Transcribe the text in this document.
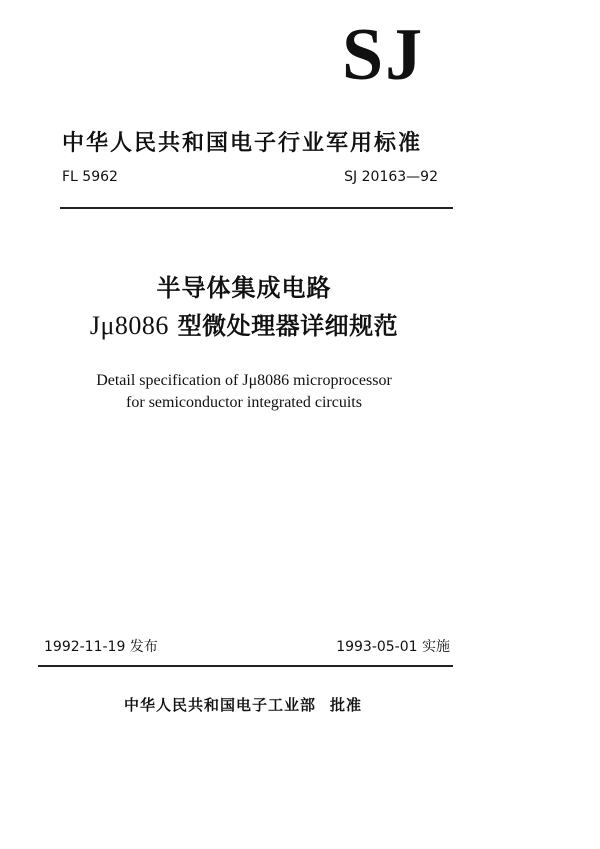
SJ
中华人民共和国电子行业军用标准
FL 5962	SJ 20163—92
半导体集成电路
Jμ8086 型微处理器详细规范
Detail specification of Jμ8086 microprocessor
for semiconductor integrated circuits
1992-11-19 发布	1993-05-01 实施
中华人民共和国电子工业部 批准
